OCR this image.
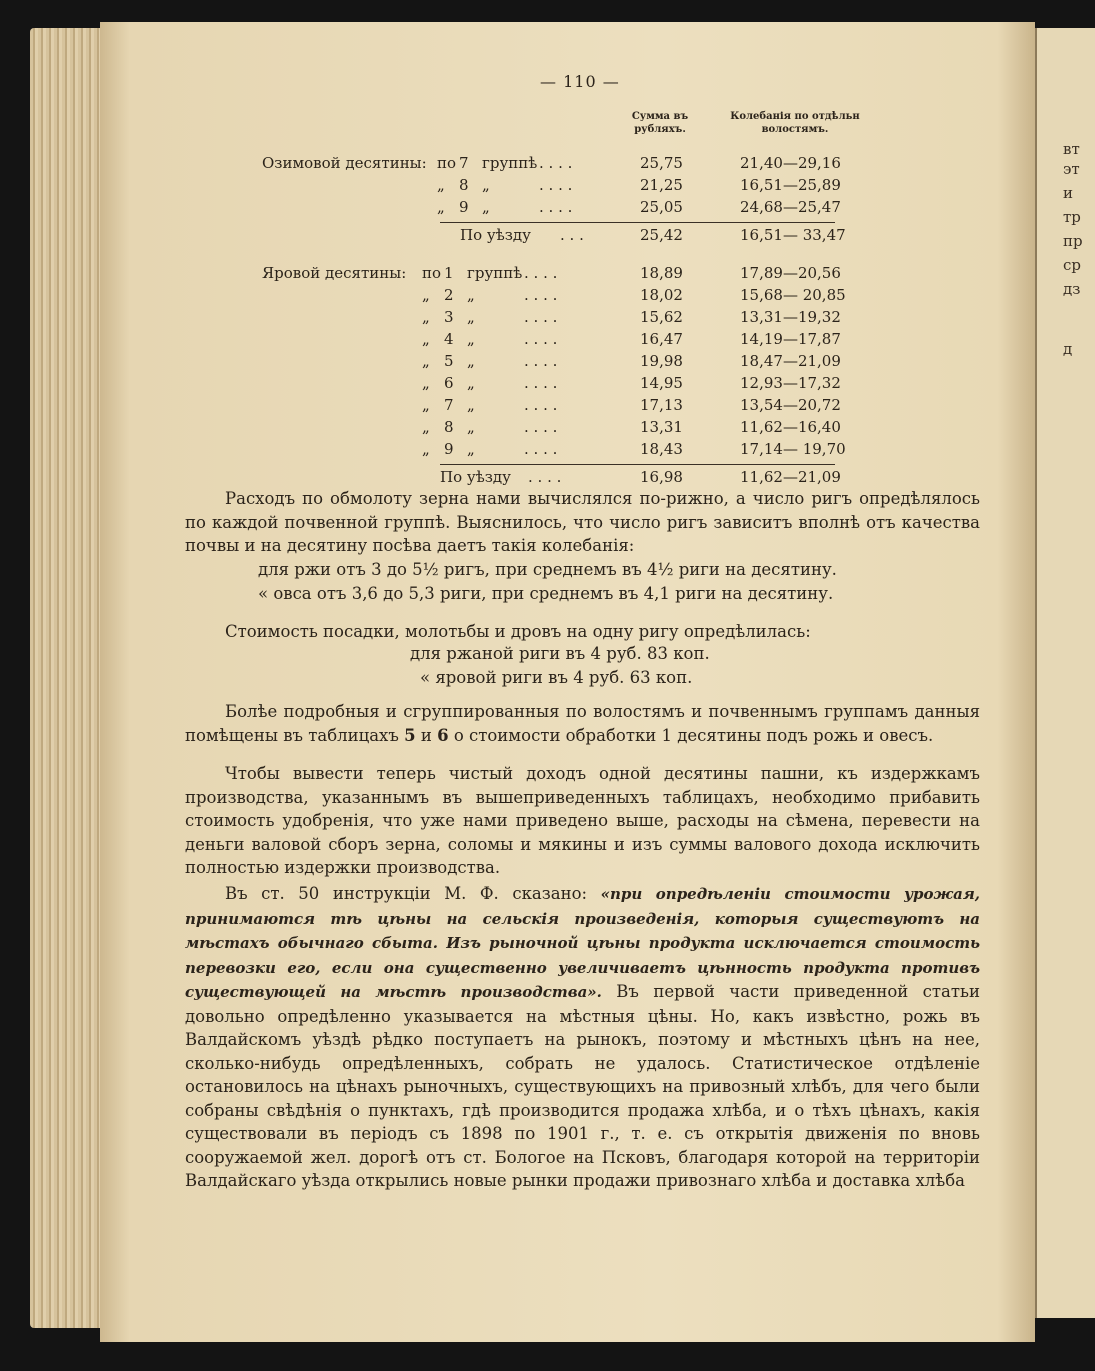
— 110 —
Сумма въ рубляхъ.
Колебанія по отдѣльн волостямъ.
Озимовой десятины: по 7 группѣ . . . .	25,75	21,40—29,16
„ 8 „	. . . .	21,25	16,51—25,89
„ 9 „	. . . .	25,05	24,68—25,47
По уѣзду . . .	25,42	16,51— 33,47
Яровой десятины: по 1 группѣ . . . .	18,89	17,89—20,56
„ 2 „	. . . .	18,02	15,68— 20,85
„ 3 „	. . . .	15,62	13,31—19,32
„ 4 „	. . . .	16,47	14,19—17,87
„ 5 „	. . . .	19,98	18,47—21,09
„ 6 „	. . . .	14,95	12,93—17,32
„ 7 „	. . . .	17,13	13,54—20,72
„ 8 „	. . . .	13,31	11,62—16,40
„ 9 „	. . . .	18,43	17,14— 19,70
По уѣзду . . . .	16,98	11,62—21,09
Расходъ по обмолоту зерна нами вычислялся по-рижно, а число ригъ опредѣлялось по каждой почвенной группѣ. Выяснилось, что число ригъ зависитъ вполнѣ отъ качества почвы и на десятину посѣва даетъ такія колебанія:
для ржи отъ 3 до 5½ ригъ, при среднемъ въ 4½ риги на десятину.
« овса отъ 3,6 до 5,3 риги, при среднемъ въ 4,1 риги на десятину.
Стоимость посадки, молотьбы и дровъ на одну ригу опредѣлилась:
для ржаной риги въ 4 руб. 83 коп.
« яровой риги въ 4 руб. 63 коп.
Болѣе подробныя и сгруппированныя по волостямъ и почвеннымъ группамъ данныя помѣщены въ таблицахъ 5 и 6 о стоимости обработки 1 десятины подъ рожь и овесъ.
Чтобы вывести теперь чистый доходъ одной десятины пашни, къ издержкамъ производства, указаннымъ въ вышеприведенныхъ таблицахъ, необходимо прибавить стоимость удобренія, что уже нами приведено выше, расходы на сѣмена, перевести на деньги валовой сборъ зерна, соломы и мякины и изъ суммы валового дохода исключить полностью издержки производства.
Въ ст. 50 инструкціи М. Ф. сказано: «при опредѣленіи стоимости урожая, принимаются тѣ цѣны на сельскія произведенія, которыя существуютъ на мѣстахъ обычнаго сбыта. Изъ рыночной цѣны продукта исключается стоимость перевозки его, если она существенно увеличиваетъ цѣнность продукта противъ существующей на мѣстѣ производства». Въ первой части приведенной статьи довольно опредѣленно указывается на мѣстныя цѣны. Но, какъ извѣстно, рожь въ Валдайскомъ уѣздѣ рѣдко поступаетъ на рынокъ, поэтому и мѣстныхъ цѣнъ на нее, сколько-нибудь опредѣленныхъ, собрать не удалось. Статистическое отдѣленіе остановилось на цѣнахъ рыночныхъ, существующихъ на привозный хлѣбъ, для чего были собраны свѣдѣнія о пунктахъ, гдѣ производится продажа хлѣба, и о тѣхъ цѣнахъ, какія существовали въ періодъ съ 1898 по 1901 г., т. е. съ открытія движенія по вновь сооружаемой жел. дорогѣ отъ ст. Бологое на Псковъ, благодаря которой на территоріи Валдайскаго уѣзда открылись новые рынки продажи привознаго хлѣба и доставка хлѣба
вт
эт
и
тр
пр
ср
дз
д
